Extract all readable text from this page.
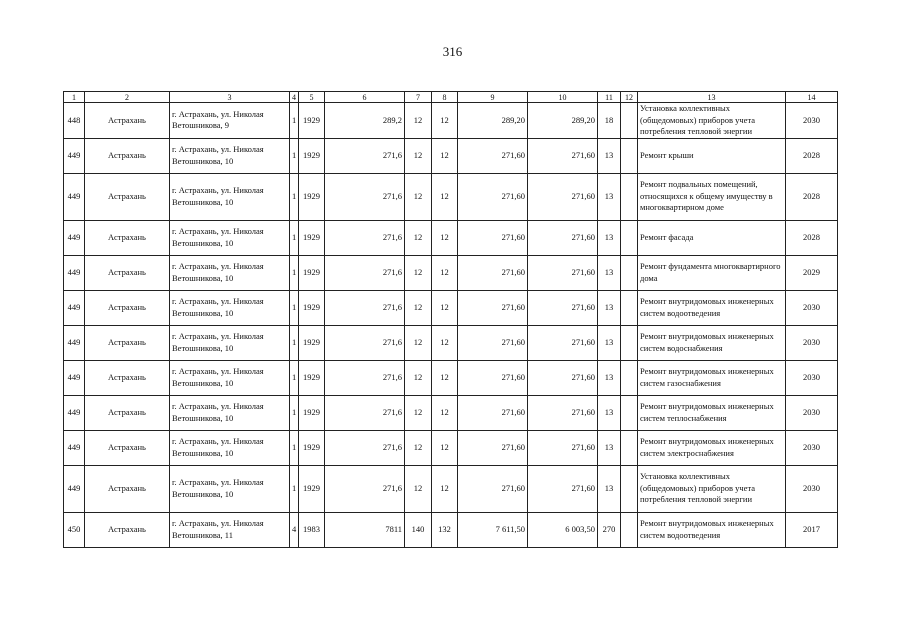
316
1	2	3	4	5	6	7	8	9	10	11	12	13	14
448	Астрахань	г. Астрахань, ул. Николая Ветошникова, 9	1	1929	289,2	12	12	289,20	289,20	18		Установка коллективных (общедомовых) приборов учета потребления тепловой энергии	2030
449	Астрахань	г. Астрахань, ул. Николая Ветошникова, 10	1	1929	271,6	12	12	271,60	271,60	13		Ремонт крыши	2028
449	Астрахань	г. Астрахань, ул. Николая Ветошникова, 10	1	1929	271,6	12	12	271,60	271,60	13		Ремонт подвальных помещений, относящихся к общему имуществу в многоквартирном доме	2028
449	Астрахань	г. Астрахань, ул. Николая Ветошникова, 10	1	1929	271,6	12	12	271,60	271,60	13		Ремонт фасада	2028
449	Астрахань	г. Астрахань, ул. Николая Ветошникова, 10	1	1929	271,6	12	12	271,60	271,60	13		Ремонт фундамента многоквартирного дома	2029
449	Астрахань	г. Астрахань, ул. Николая Ветошникова, 10	1	1929	271,6	12	12	271,60	271,60	13		Ремонт внутридомовых инженерных систем водоотведения	2030
449	Астрахань	г. Астрахань, ул. Николая Ветошникова, 10	1	1929	271,6	12	12	271,60	271,60	13		Ремонт внутридомовых инженерных систем водоснабжения	2030
449	Астрахань	г. Астрахань, ул. Николая Ветошникова, 10	1	1929	271,6	12	12	271,60	271,60	13		Ремонт внутридомовых инженерных систем газоснабжения	2030
449	Астрахань	г. Астрахань, ул. Николая Ветошникова, 10	1	1929	271,6	12	12	271,60	271,60	13		Ремонт внутридомовых инженерных систем теплоснабжения	2030
449	Астрахань	г. Астрахань, ул. Николая Ветошникова, 10	1	1929	271,6	12	12	271,60	271,60	13		Ремонт внутридомовых инженерных систем электроснабжения	2030
449	Астрахань	г. Астрахань, ул. Николая Ветошникова, 10	1	1929	271,6	12	12	271,60	271,60	13		Установка коллективных (общедомовых) приборов учета потребления тепловой энергии	2030
450	Астрахань	г. Астрахань, ул. Николая Ветошникова, 11	4	1983	7811	140	132	7 611,50	6 003,50	270		Ремонт внутридомовых инженерных систем водоотведения	2017
